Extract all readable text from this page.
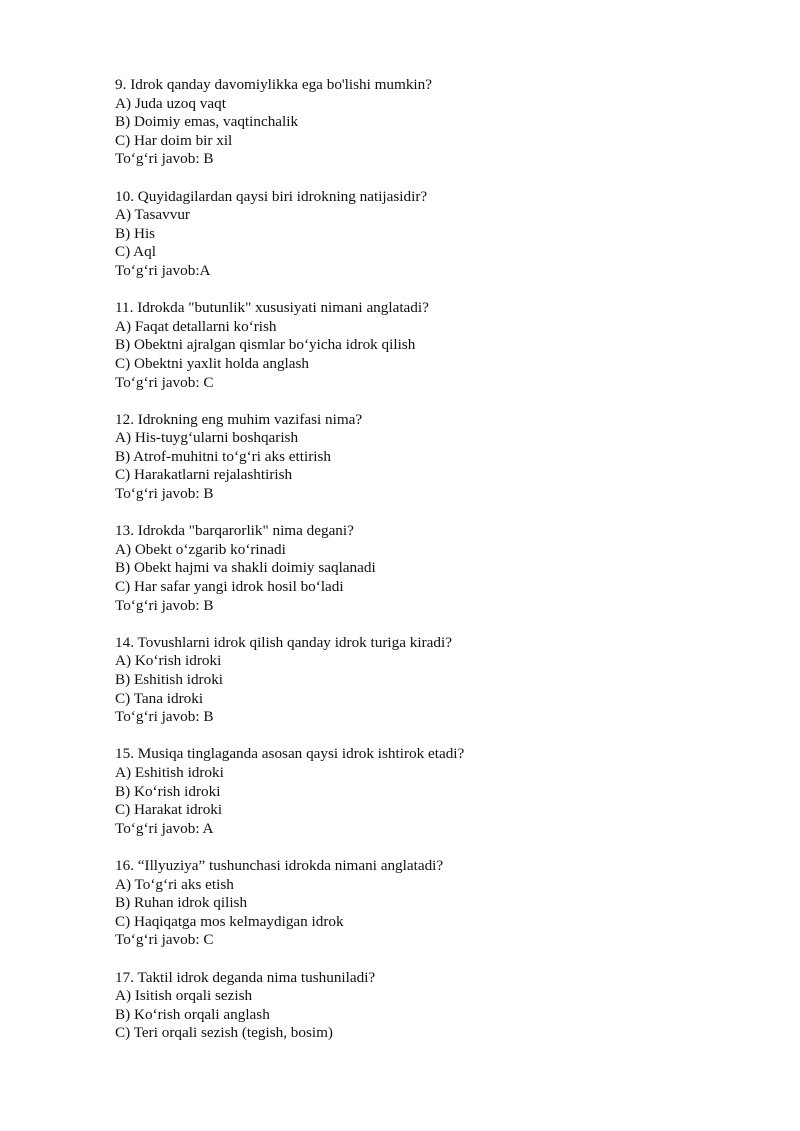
9. Idrok qanday davomiylikka ega bo'lishi mumkin?
A) Juda uzoq vaqt
B) Doimiy emas, vaqtinchalik
C) Har doim bir xil
To‘g‘ri javob: B
10. Quyidagilardan qaysi biri idrokning natijasidir?
A) Tasavvur
B) His
C) Aql
To‘g‘ri javob:A
11. Idrokda "butunlik" xususiyati nimani anglatadi?
A) Faqat detallarni ko‘rish
B) Obektni ajralgan qismlar bo‘yicha idrok qilish
C) Obektni yaxlit holda anglash
To‘g‘ri javob: C
12. Idrokning eng muhim vazifasi nima?
A) His-tuyg‘ularni boshqarish
B) Atrof-muhitni to‘g‘ri aks ettirish
C) Harakatlarni rejalashtirish
To‘g‘ri javob: B
13. Idrokda "barqarorlik" nima degani?
A) Obekt o‘zgarib ko‘rinadi
B) Obekt hajmi va shakli doimiy saqlanadi
C) Har safar yangi idrok hosil bo‘ladi
To‘g‘ri javob: B
14. Tovushlarni idrok qilish qanday idrok turiga kiradi?
A) Ko‘rish idroki
B) Eshitish idroki
C) Tana idroki
To‘g‘ri javob: B
15. Musiqa tinglaganda asosan qaysi idrok ishtirok etadi?
A) Eshitish idroki
B) Ko‘rish idroki
C) Harakat idroki
To‘g‘ri javob: A
16. “Illyuziya” tushunchasi idrokda nimani anglatadi?
A) To‘g‘ri aks etish
B) Ruhan idrok qilish
C) Haqiqatga mos kelmaydigan idrok
To‘g‘ri javob: C
17. Taktil idrok deganda nima tushuniladi?
A) Isitish orqali sezish
B) Ko‘rish orqali anglash
C) Teri orqali sezish (tegish, bosim)
